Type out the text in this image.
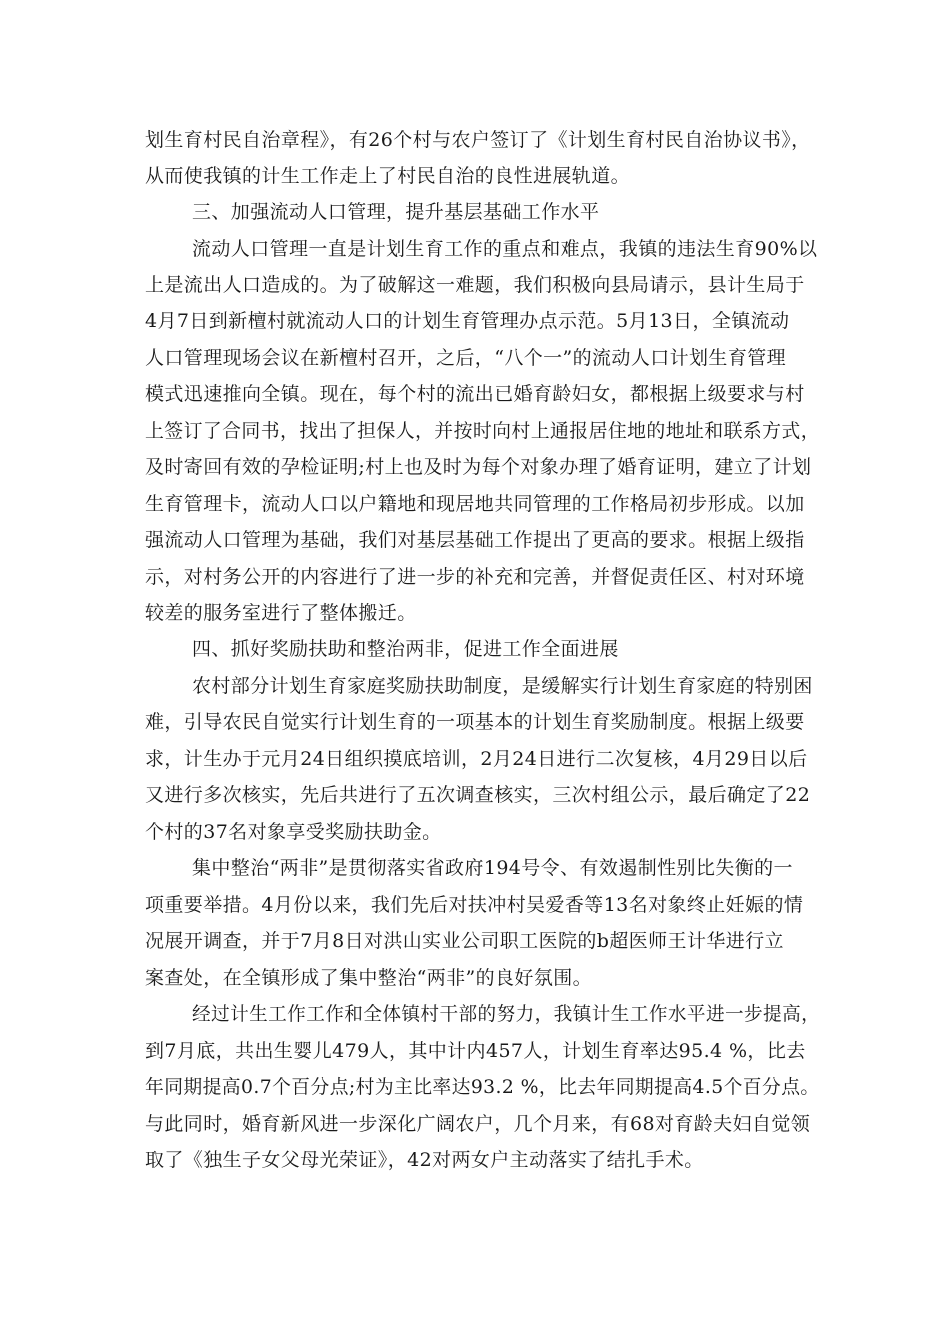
划生育村民自治章程》，有26个村与农户签订了《计划生育村民自治协议书》，
从而使我镇的计生工作走上了村民自治的良性进展轨道。
三、加强流动人口管理，提升基层基础工作水平
流动人口管理一直是计划生育工作的重点和难点，我镇的违法生育90%以
上是流出人口造成的。为了破解这一难题，我们积极向县局请示，县计生局于
4月7日到新檀村就流动人口的计划生育管理办点示范。5月13日，全镇流动
人口管理现场会议在新檀村召开，之后，“八个一”的流动人口计划生育管理
模式迅速推向全镇。现在，每个村的流出已婚育龄妇女，都根据上级要求与村
上签订了合同书，找出了担保人，并按时向村上通报居住地的地址和联系方式，
及时寄回有效的孕检证明;村上也及时为每个对象办理了婚育证明，建立了计划
生育管理卡，流动人口以户籍地和现居地共同管理的工作格局初步形成。以加
强流动人口管理为基础，我们对基层基础工作提出了更高的要求。根据上级指
示，对村务公开的内容进行了进一步的补充和完善，并督促责任区、村对环境
较差的服务室进行了整体搬迁。
四、抓好奖励扶助和整治两非，促进工作全面进展
农村部分计划生育家庭奖励扶助制度，是缓解实行计划生育家庭的特别困
难，引导农民自觉实行计划生育的一项基本的计划生育奖励制度。根据上级要
求，计生办于元月24日组织摸底培训，2月24日进行二次复核，4月29日以后
又进行多次核实，先后共进行了五次调查核实，三次村组公示，最后确定了22
个村的37名对象享受奖励扶助金。
集中整治“两非”是贯彻落实省政府194号令、有效遏制性别比失衡的一
项重要举措。4月份以来，我们先后对扶冲村吴爱香等13名对象终止妊娠的情
况展开调查，并于7月8日对洪山实业公司职工医院的b超医师王计华进行立
案查处，在全镇形成了集中整治“两非”的良好氛围。
经过计生工作工作和全体镇村干部的努力，我镇计生工作水平进一步提高，
到7月底，共出生婴儿479人，其中计内457人，计划生育率达95.4 %，比去
年同期提高0.7个百分点;村为主比率达93.2 %，比去年同期提高4.5个百分点。
与此同时，婚育新风进一步深化广阔农户，几个月来，有68对育龄夫妇自觉领
取了《独生子女父母光荣证》，42对两女户主动落实了结扎手术。
